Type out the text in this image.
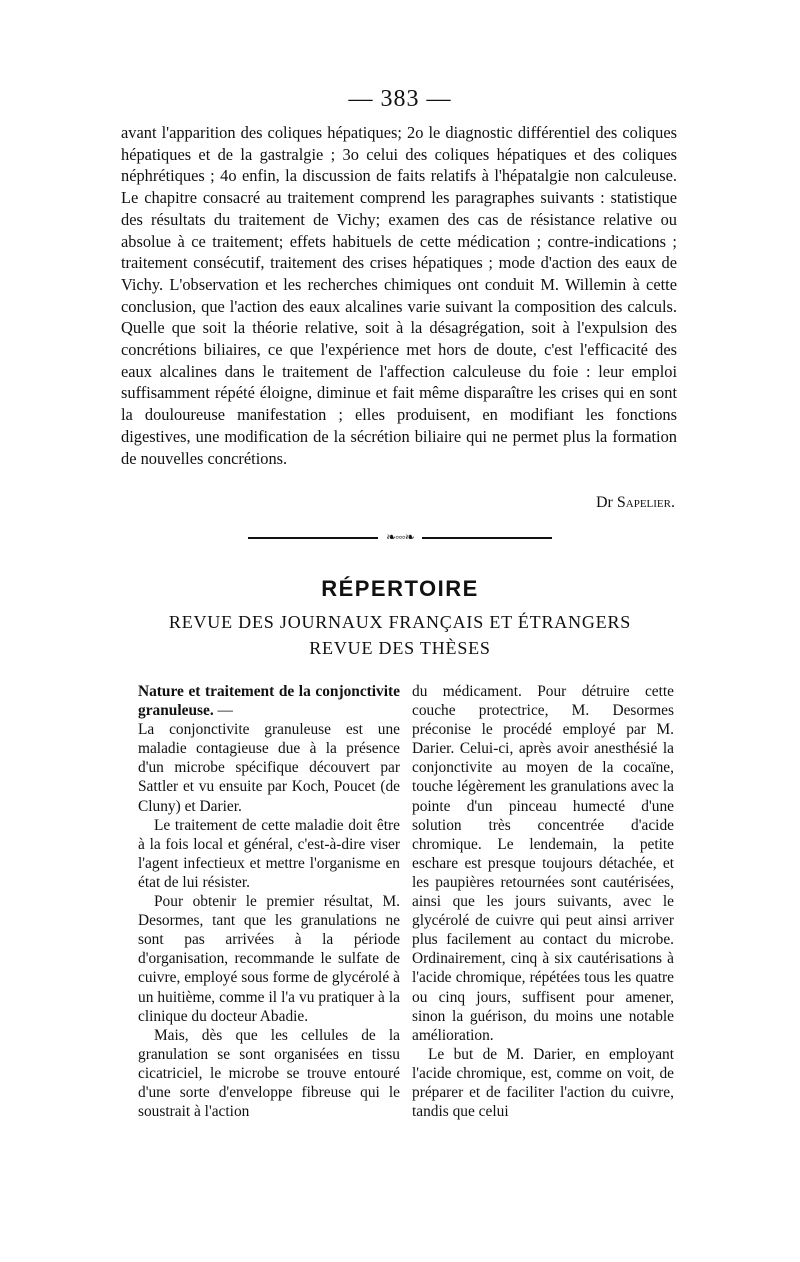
— 383 —

avant l'apparition des coliques hépatiques; 2o le diagnostic différentiel des coliques hépatiques et de la gastralgie ; 3o celui des coliques hépatiques et des coliques néphrétiques ; 4o enfin, la discussion de faits relatifs à l'hépatalgie non calculeuse. Le chapitre consacré au traitement comprend les paragraphes suivants : statistique des résultats du traitement de Vichy; examen des cas de résistance relative ou absolue à ce traitement; effets habituels de cette médication ; contre-indications ; traitement consécutif, traitement des crises hépatiques ; mode d'action des eaux de Vichy. L'observation et les recherches chimiques ont conduit M. Willemin à cette conclusion, que l'action des eaux alcalines varie suivant la composition des calculs. Quelle que soit la théorie relative, soit à la désagrégation, soit à l'expulsion des concrétions biliaires, ce que l'expérience met hors de doute, c'est l'efficacité des eaux alcalines dans le traitement de l'affection calculeuse du foie : leur emploi suffisamment répété éloigne, diminue et fait même disparaître les crises qui en sont la douloureuse manifestation ; elles produisent, en modifiant les fonctions digestives, une modification de la sécrétion biliaire qui ne permet plus la formation de nouvelles concrétions.

Dr Sapelier.
❧◦◦◦❧
RÉPERTOIRE
REVUE DES JOURNAUX FRANÇAIS ET ÉTRANGERS
REVUE DES THÈSES

Nature et traitement de la conjonctivite granuleuse. —

La conjonctivite granuleuse est une maladie contagieuse due à la présence d'un microbe spécifique découvert par Sattler et vu ensuite par Koch, Poucet (de Cluny) et Darier.

Le traitement de cette maladie doit être à la fois local et général, c'est-à-dire viser l'agent infectieux et mettre l'organisme en état de lui résister.

Pour obtenir le premier résultat, M. Desormes, tant que les granulations ne sont pas arrivées à la période d'organisation, recommande le sulfate de cuivre, employé sous forme de glycérolé à un huitième, comme il l'a vu pratiquer à la clinique du docteur Abadie.

Mais, dès que les cellules de la granulation se sont organisées en tissu cicatriciel, le microbe se trouve entouré d'une sorte d'enveloppe fibreuse qui le soustrait à l'action

du médicament. Pour détruire cette couche protectrice, M. Desormes préconise le procédé employé par M. Darier. Celui-ci, après avoir anesthésié la conjonctivite au moyen de la cocaïne, touche légèrement les granulations avec la pointe d'un pinceau humecté d'une solution très concentrée d'acide chromique. Le lendemain, la petite eschare est presque toujours détachée, et les paupières retournées sont cautérisées, ainsi que les jours suivants, avec le glycérolé de cuivre qui peut ainsi arriver plus facilement au contact du microbe. Ordinairement, cinq à six cautérisations à l'acide chromique, répétées tous les quatre ou cinq jours, suffisent pour amener, sinon la guérison, du moins une notable amélioration.

Le but de M. Darier, en employant l'acide chromique, est, comme on voit, de préparer et de faciliter l'action du cuivre, tandis que celui
